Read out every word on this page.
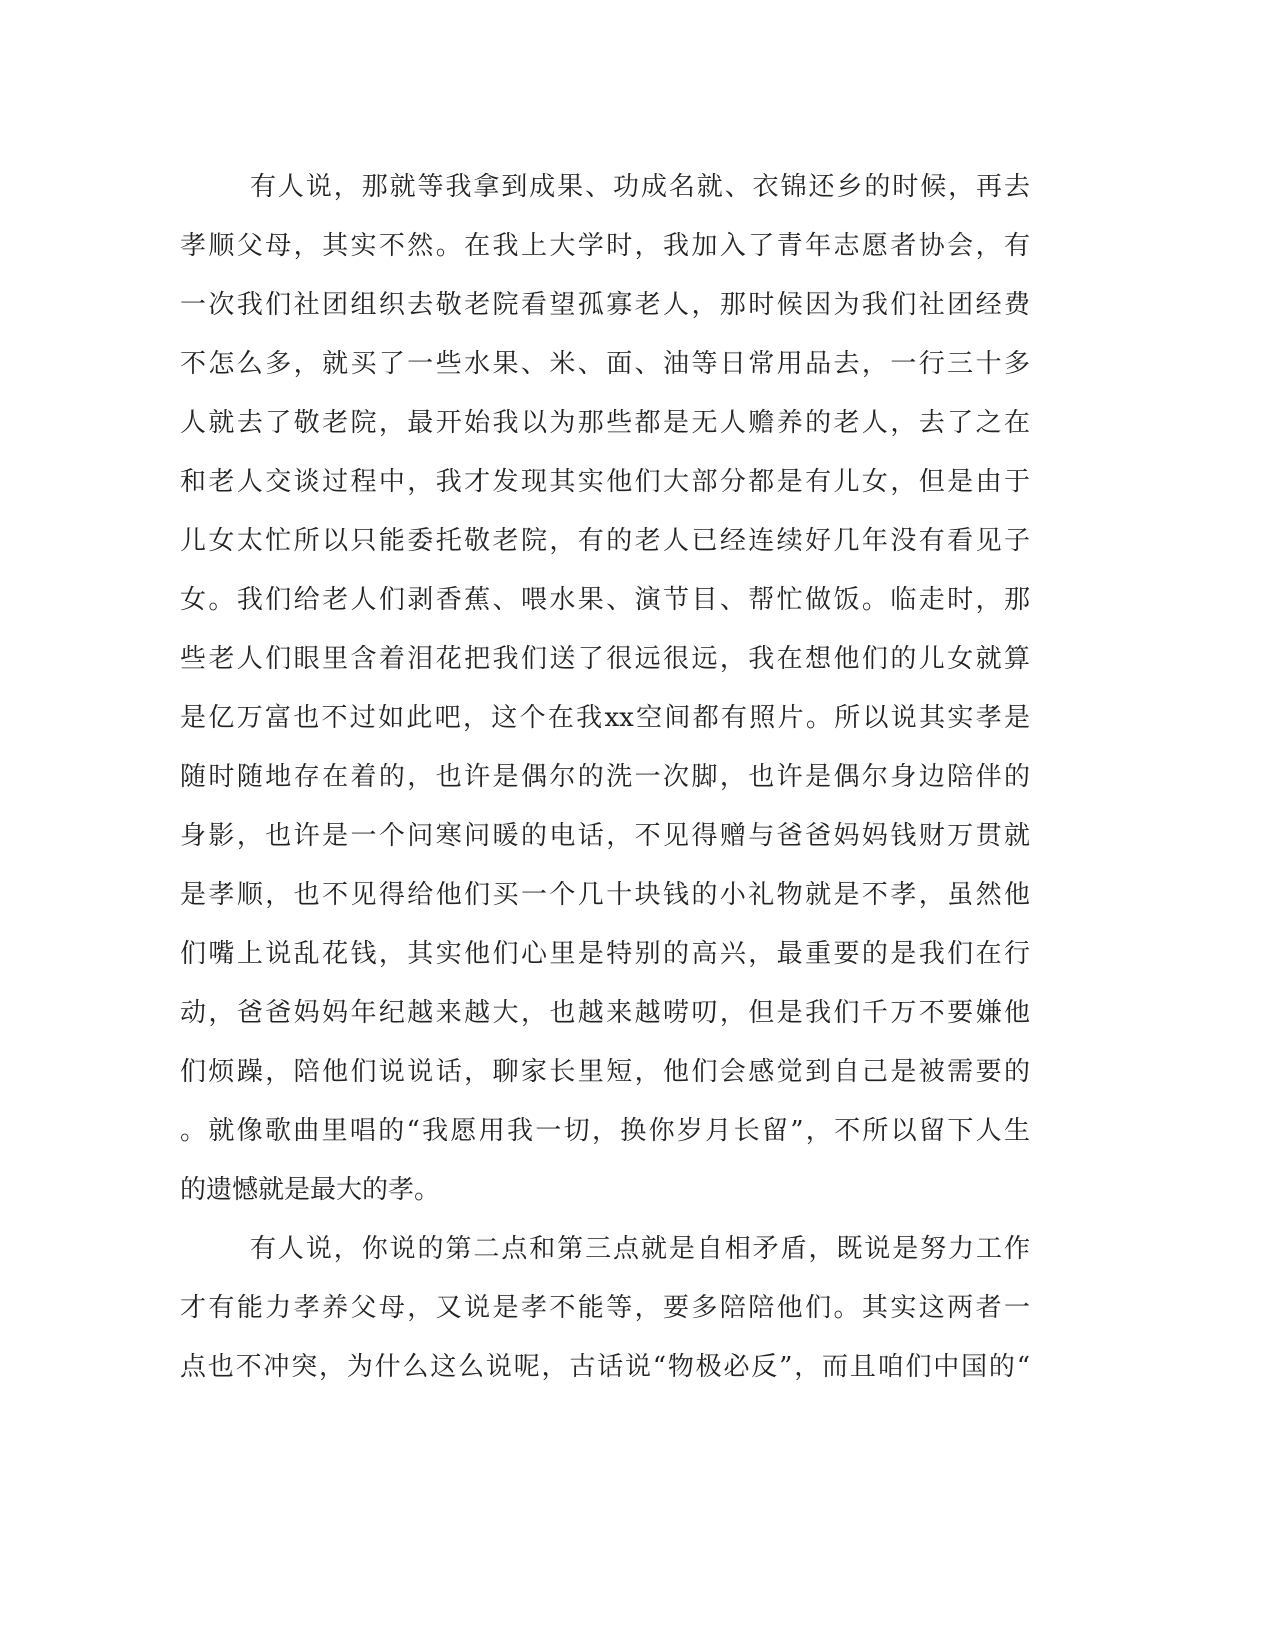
有人说，那就等我拿到成果、功成名就、衣锦还乡的时候，再去
孝顺父母，其实不然。在我上大学时，我加入了青年志愿者协会，有
一次我们社团组织去敬老院看望孤寡老人，那时候因为我们社团经费
不怎么多，就买了一些水果、米、面、油等日常用品去，一行三十多
人就去了敬老院，最开始我以为那些都是无人赡养的老人，去了之在
和老人交谈过程中，我才发现其实他们大部分都是有儿女，但是由于
儿女太忙所以只能委托敬老院，有的老人已经连续好几年没有看见子
女。我们给老人们剥香蕉、喂水果、演节目、帮忙做饭。临走时，那
些老人们眼里含着泪花把我们送了很远很远，我在想他们的儿女就算
是亿万富也不过如此吧，这个在我xx空间都有照片。所以说其实孝是
随时随地存在着的，也许是偶尔的洗一次脚，也许是偶尔身边陪伴的
身影，也许是一个问寒问暖的电话，不见得赠与爸爸妈妈钱财万贯就
是孝顺，也不见得给他们买一个几十块钱的小礼物就是不孝，虽然他
们嘴上说乱花钱，其实他们心里是特别的高兴，最重要的是我们在行
动，爸爸妈妈年纪越来越大，也越来越唠叨，但是我们千万不要嫌他
们烦躁，陪他们说说话，聊家长里短，他们会感觉到自己是被需要的
。就像歌曲里唱的“我愿用我一切，换你岁月长留”，不所以留下人生
的遗憾就是最大的孝。
有人说，你说的第二点和第三点就是自相矛盾，既说是努力工作
才有能力孝养父母，又说是孝不能等，要多陪陪他们。其实这两者一
点也不冲突，为什么这么说呢，古话说“物极必反”，而且咱们中国的“
